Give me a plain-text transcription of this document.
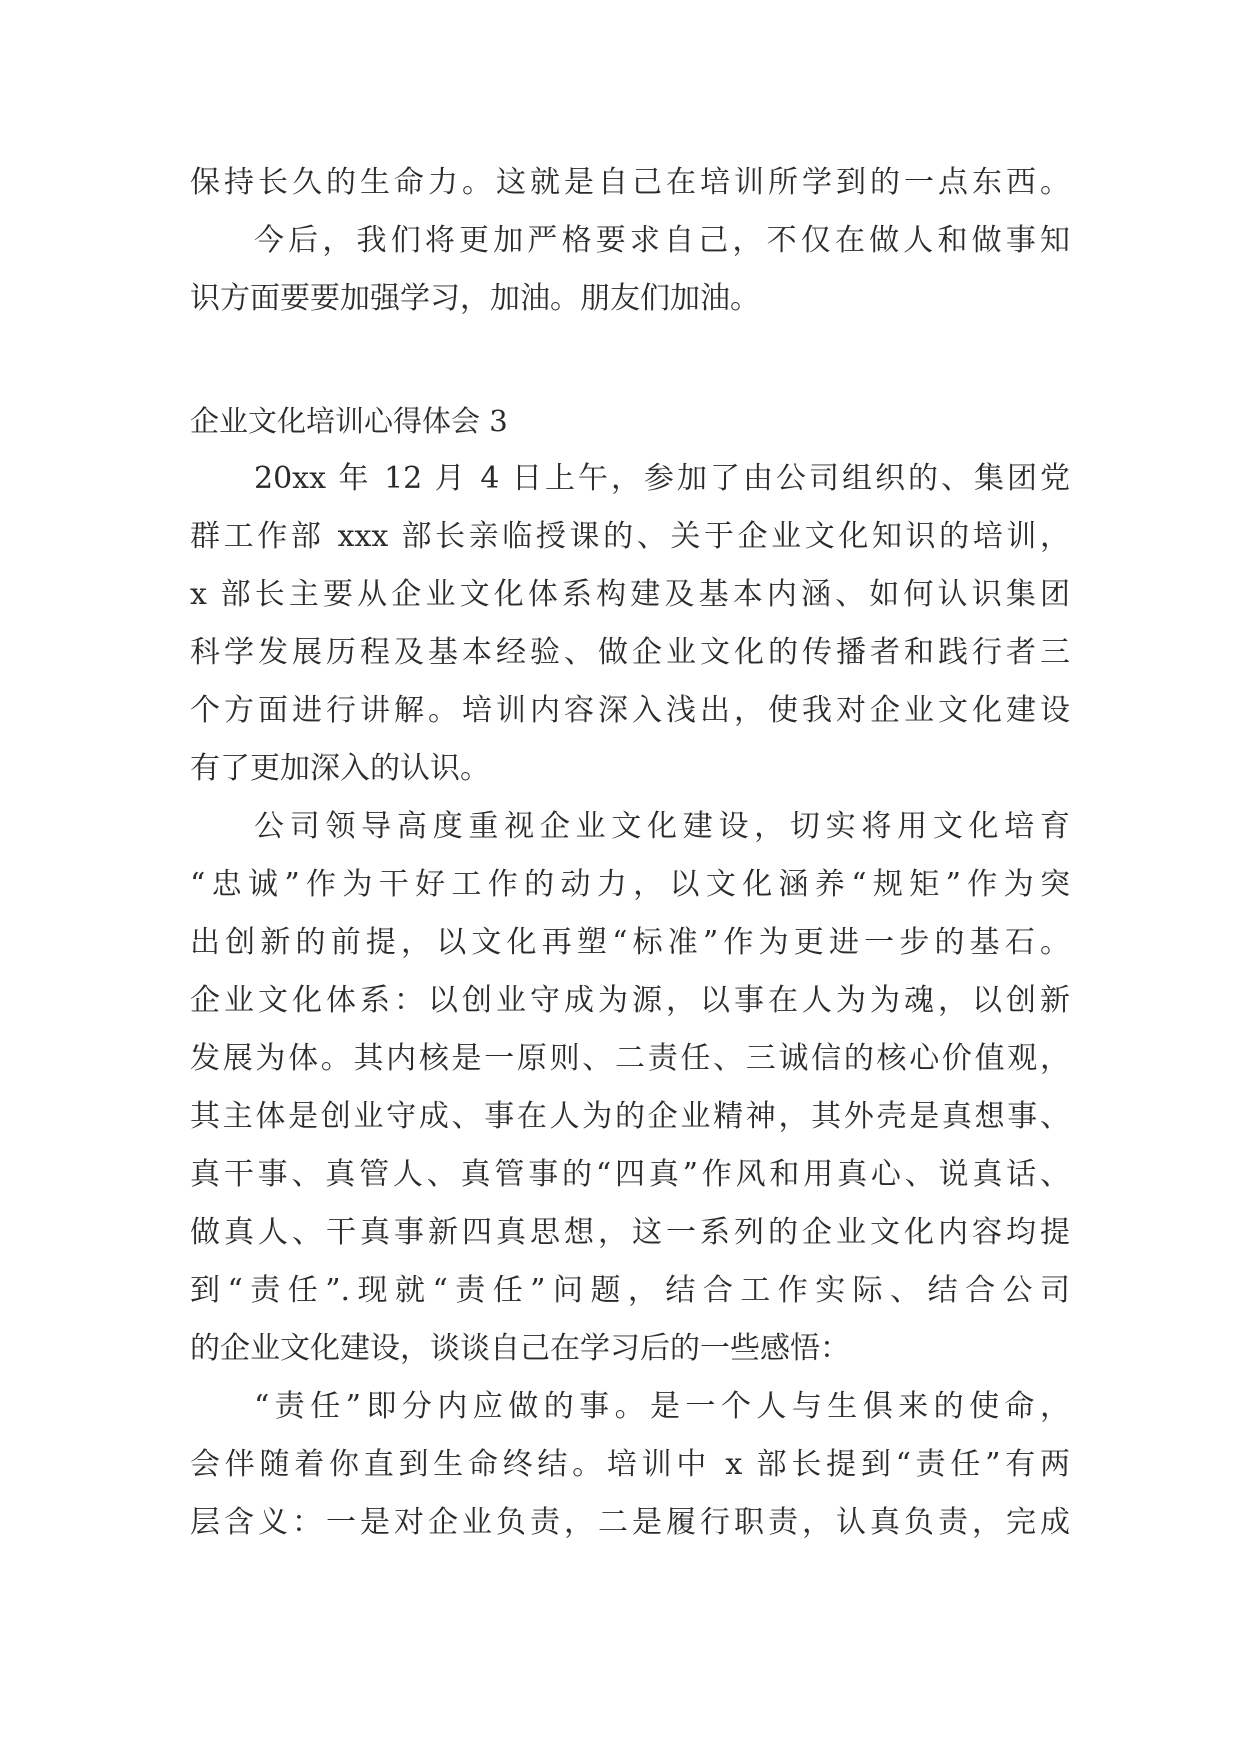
保持长久的生命力。这就是自己在培训所学到的一点东西。
今后，我们将更加严格要求自己，不仅在做人和做事知
识方面要要加强学习，加油。朋友们加油。
企业文化培训心得体会 3
20xx 年 12 月 4 日上午，参加了由公司组织的、集团党
群工作部 xxx 部长亲临授课的、关于企业文化知识的培训，
x 部长主要从企业文化体系构建及基本内涵、如何认识集团
科学发展历程及基本经验、做企业文化的传播者和践行者三
个方面进行讲解。培训内容深入浅出，使我对企业文化建设
有了更加深入的认识。
公司领导高度重视企业文化建设，切实将用文化培育
“忠诚”作为干好工作的动力，以文化涵养“规矩”作为突
出创新的前提，以文化再塑“标准”作为更进一步的基石。
企业文化体系：以创业守成为源，以事在人为为魂，以创新
发展为体。其内核是一原则、二责任、三诚信的核心价值观，
其主体是创业守成、事在人为的企业精神，其外壳是真想事、
真干事、真管人、真管事的“四真”作风和用真心、说真话、
做真人、干真事新四真思想，这一系列的企业文化内容均提
到“责任”.现就“责任”问题，结合工作实际、结合公司
的企业文化建设，谈谈自己在学习后的一些感悟：
“责任”即分内应做的事。是一个人与生俱来的使命，
会伴随着你直到生命终结。培训中 x 部长提到“责任”有两
层含义：一是对企业负责，二是履行职责，认真负责，完成
